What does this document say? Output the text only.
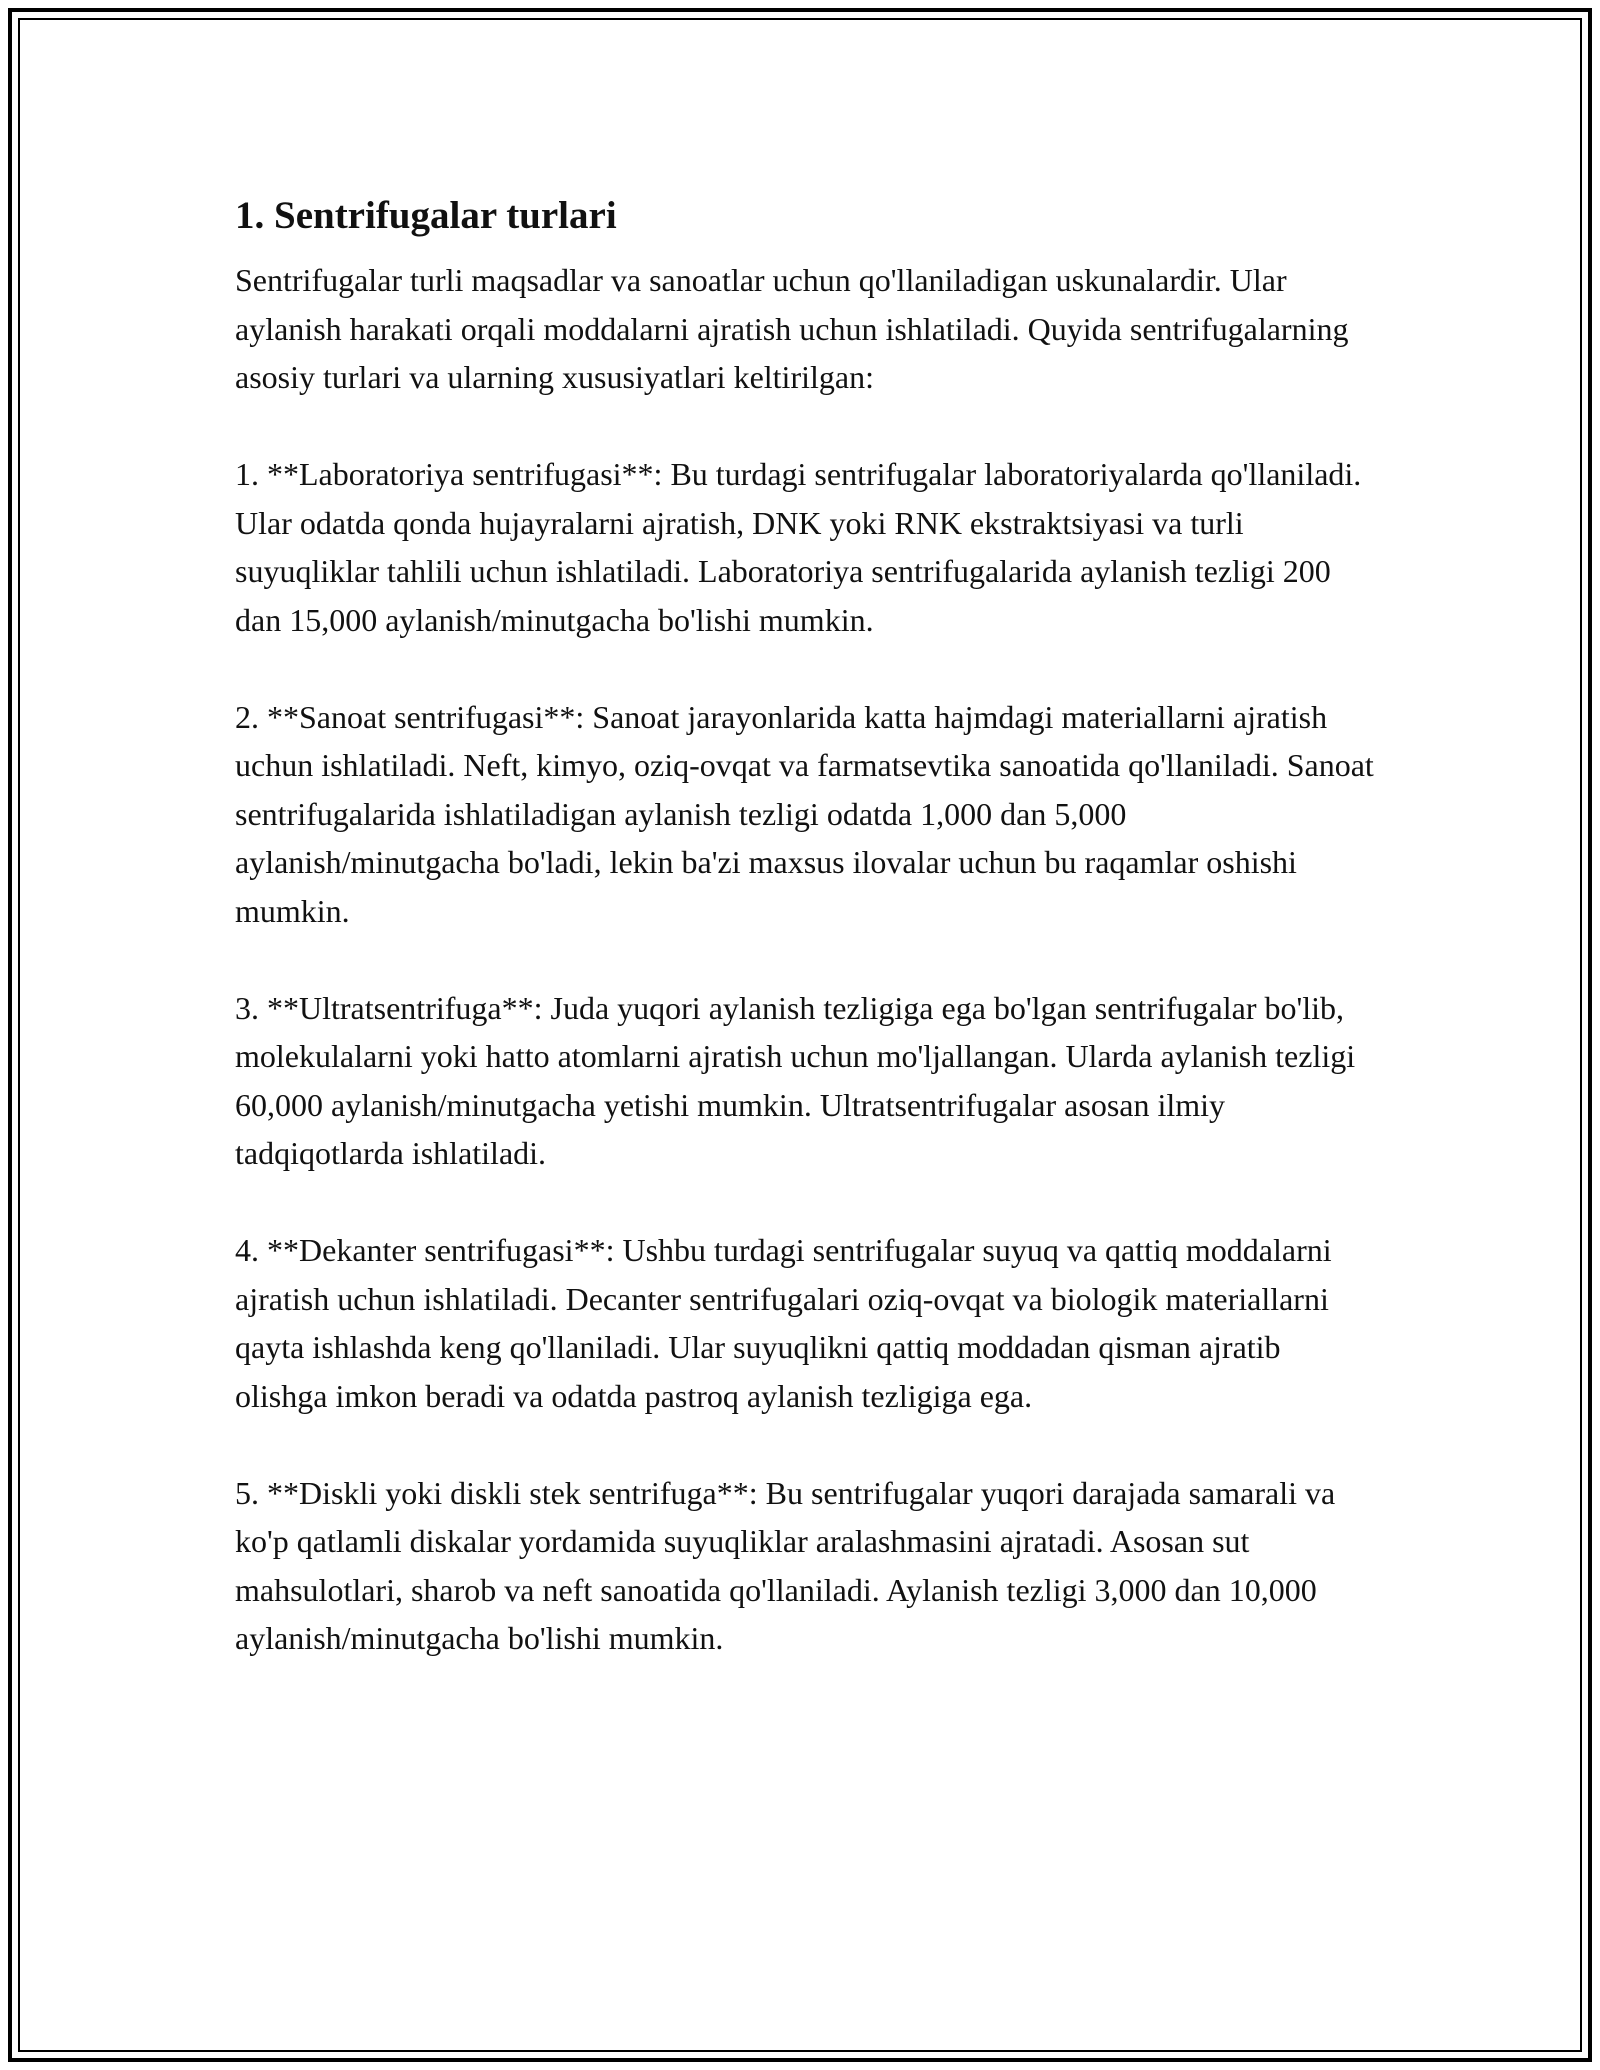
1. Sentrifugalar turlari

Sentrifugalar turli maqsadlar va sanoatlar uchun qo'llaniladigan uskunalardir. Ular aylanish harakati orqali moddalarni ajratish uchun ishlatiladi. Quyida sentrifugalarning asosiy turlari va ularning xususiyatlari keltirilgan:

1. **Laboratoriya sentrifugasi**: Bu turdagi sentrifugalar laboratoriyalarda qo'llaniladi. Ular odatda qonda hujayralarni ajratish, DNK yoki RNK ekstraktsiyasi va turli suyuqliklar tahlili uchun ishlatiladi. Laboratoriya sentrifugalarida aylanish tezligi 200 dan 15,000 aylanish/minutgacha bo'lishi mumkin.

2. **Sanoat sentrifugasi**: Sanoat jarayonlarida katta hajmdagi materiallarni ajratish uchun ishlatiladi. Neft, kimyo, oziq-ovqat va farmatsevtika sanoatida qo'llaniladi. Sanoat sentrifugalarida ishlatiladigan aylanish tezligi odatda 1,000 dan 5,000 aylanish/minutgacha bo'ladi, lekin ba'zi maxsus ilovalar uchun bu raqamlar oshishi mumkin.

3. **Ultratsentrifuga**: Juda yuqori aylanish tezligiga ega bo'lgan sentrifugalar bo'lib, molekulalarni yoki hatto atomlarni ajratish uchun mo'ljallangan. Ularda aylanish tezligi 60,000 aylanish/minutgacha yetishi mumkin. Ultratsentrifugalar asosan ilmiy tadqiqotlarda ishlatiladi.

4. **Dekanter sentrifugasi**: Ushbu turdagi sentrifugalar suyuq va qattiq moddalarni ajratish uchun ishlatiladi. Decanter sentrifugalari oziq-ovqat va biologik materiallarni qayta ishlashda keng qo'llaniladi. Ular suyuqlikni qattiq moddadan qisman ajratib olishga imkon beradi va odatda pastroq aylanish tezligiga ega.

5. **Diskli yoki diskli stek sentrifuga**: Bu sentrifugalar yuqori darajada samarali va ko'p qatlamli diskalar yordamida suyuqliklar aralashmasini ajratadi. Asosan sut mahsulotlari, sharob va neft sanoatida qo'llaniladi. Aylanish tezligi 3,000 dan 10,000 aylanish/minutgacha bo'lishi mumkin.
